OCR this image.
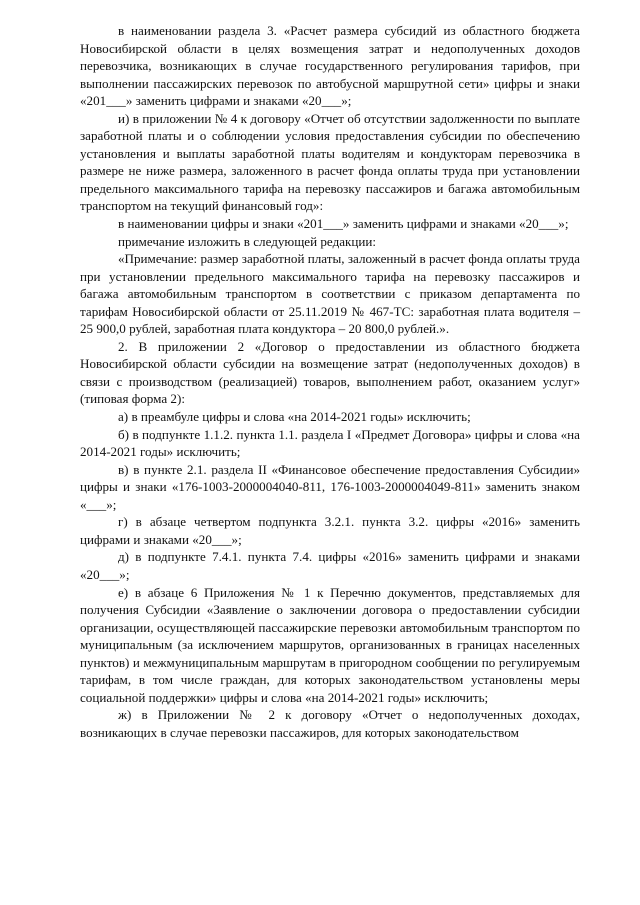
в наименовании раздела 3. «Расчет размера субсидий из областного бюджета Новосибирской области в целях возмещения затрат и недополученных доходов перевозчика, возникающих в случае государственного регулирования тарифов, при выполнении пассажирских перевозок по автобусной маршрутной сети» цифры и знаки «201___» заменить цифрами и знаками «20___»;

и) в приложении № 4 к договору «Отчет об отсутствии задолженности по выплате заработной платы и о соблюдении условия предоставления субсидии по обеспечению установления и выплаты заработной платы водителям и кондукторам перевозчика в размере не ниже размера, заложенного в расчет фонда оплаты труда при установлении предельного максимального тарифа на перевозку пассажиров и багажа автомобильным транспортом на текущий финансовый год»:

в наименовании цифры и знаки «201___» заменить цифрами и знаками «20___»;

примечание изложить в следующей редакции:

«Примечание: размер заработной платы, заложенный в расчет фонда оплаты труда при установлении предельного максимального тарифа на перевозку пассажиров и багажа автомобильным транспортом в соответствии с приказом департамента по тарифам Новосибирской области от 25.11.2019 № 467-ТС: заработная плата водителя – 25 900,0 рублей, заработная плата кондуктора – 20 800,0 рублей.».

2. В приложении 2 «Договор о предоставлении из областного бюджета Новосибирской области субсидии на возмещение затрат (недополученных доходов) в связи с производством (реализацией) товаров, выполнением работ, оказанием услуг» (типовая форма 2):

а) в преамбуле цифры и слова «на 2014-2021 годы» исключить;

б) в подпункте 1.1.2. пункта 1.1. раздела I «Предмет Договора» цифры и слова «на 2014-2021 годы» исключить;

в) в пункте 2.1. раздела II «Финансовое обеспечение предоставления Субсидии» цифры и знаки «176-1003-2000004040-811, 176-1003-2000004049-811» заменить знаком «___»;

г) в абзаце четвертом подпункта 3.2.1. пункта 3.2. цифры «2016» заменить цифрами и знаками «20___»;

д) в подпункте 7.4.1. пункта 7.4. цифры «2016» заменить цифрами и знаками «20___»;

е) в абзаце 6 Приложения № 1 к Перечню документов, представляемых для получения Субсидии «Заявление о заключении договора о предоставлении субсидии организации, осуществляющей пассажирские перевозки автомобильным транспортом по муниципальным (за исключением маршрутов, организованных в границах населенных пунктов) и межмуниципальным маршрутам в пригородном сообщении по регулируемым тарифам, в том числе граждан, для которых законодательством установлены меры социальной поддержки» цифры и слова «на 2014-2021 годы» исключить;

ж) в Приложении № 2 к договору «Отчет о недополученных доходах, возникающих в случае перевозки пассажиров, для которых законодательством
